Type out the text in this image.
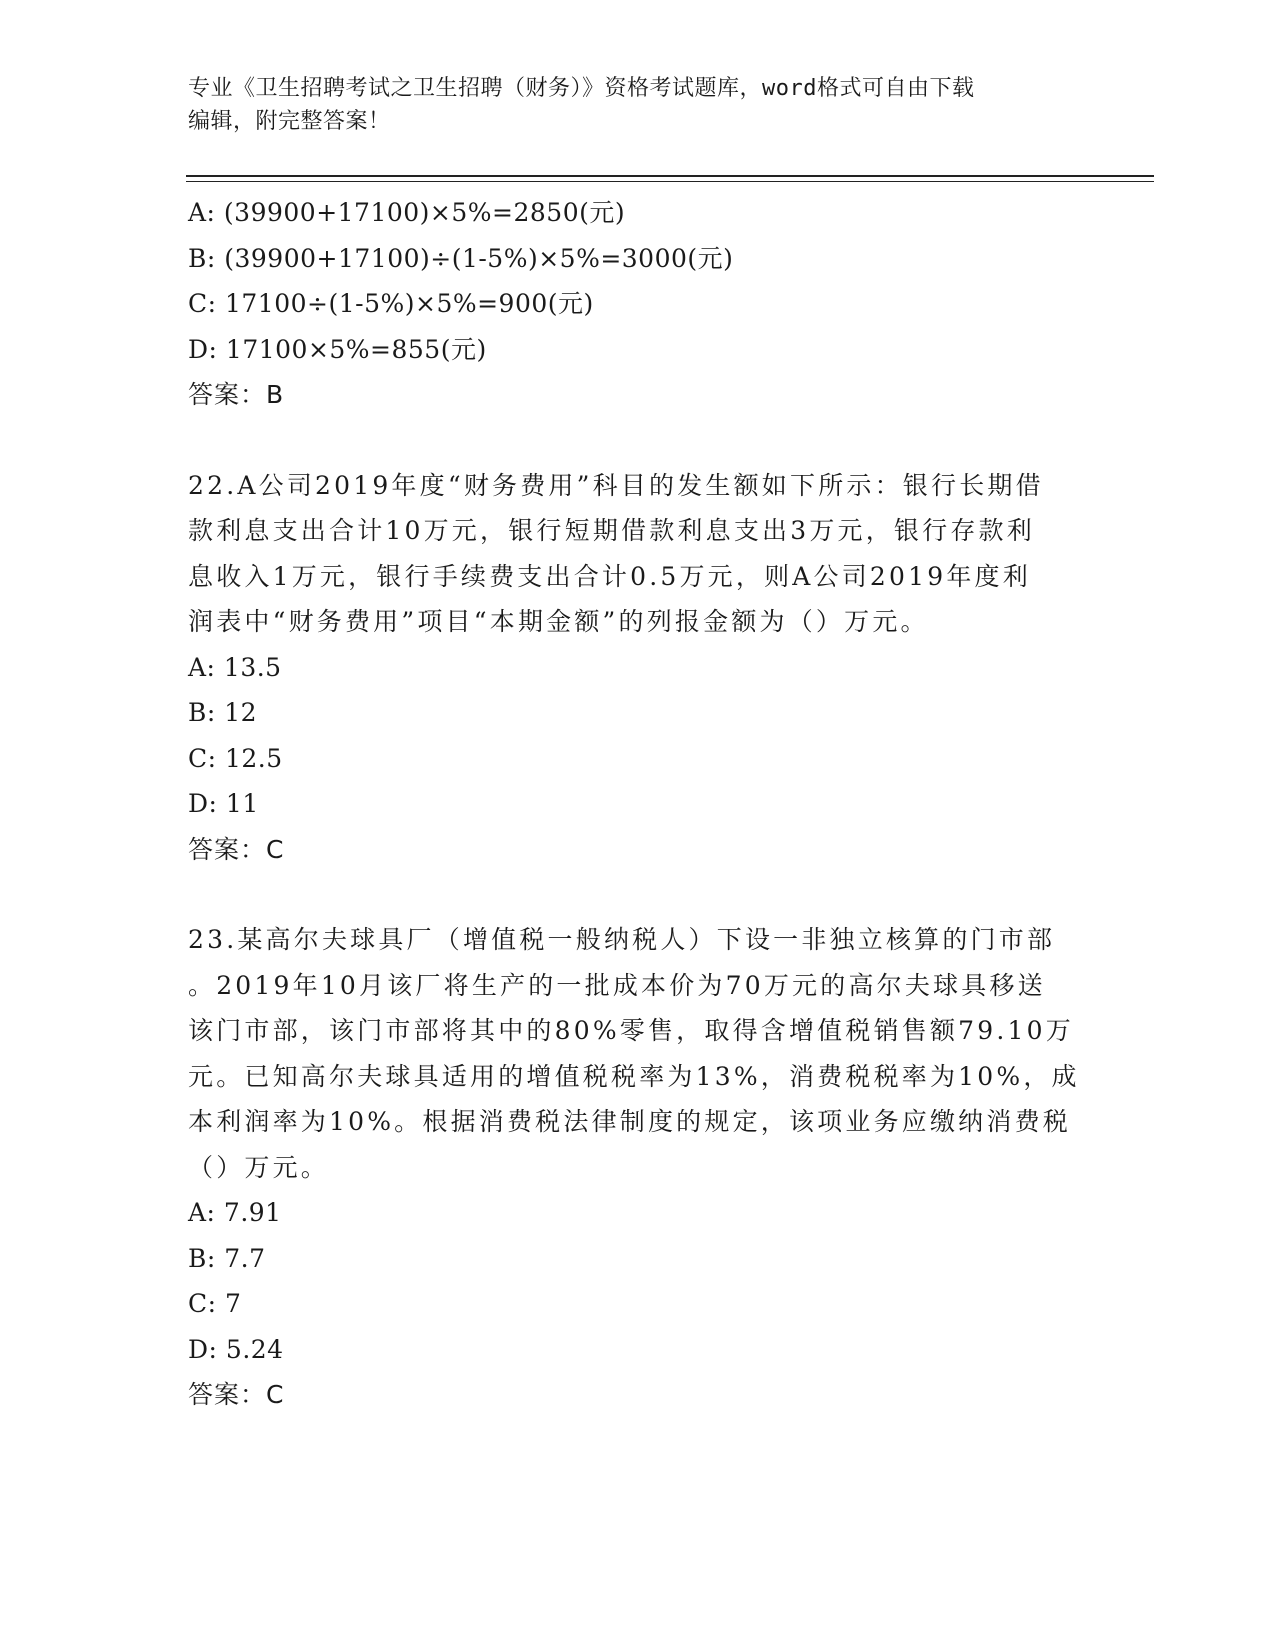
专业《卫生招聘考试之卫生招聘（财务）》资格考试题库，word格式可自由下载
编辑，附完整答案！
A: (39900+17100)×5%=2850(元)
B: (39900+17100)÷(1-5%)×5%=3000(元)
C: 17100÷(1-5%)×5%=900(元)
D: 17100×5%=855(元)
答案：B
22.A公司2019年度“财务费用”科目的发生额如下所示：银行长期借
款利息支出合计10万元，银行短期借款利息支出3万元，银行存款利
息收入1万元，银行手续费支出合计0.5万元，则A公司2019年度利
润表中“财务费用”项目“本期金额”的列报金额为（）万元。
A: 13.5
B: 12
C: 12.5
D: 11
答案：C
23.某高尔夫球具厂（增值税一般纳税人）下设一非独立核算的门市部
。2019年10月该厂将生产的一批成本价为70万元的高尔夫球具移送
该门市部，该门市部将其中的80%零售，取得含增值税销售额79.10万
元。已知高尔夫球具适用的增值税税率为13%，消费税税率为10%，成
本利润率为10%。根据消费税法律制度的规定，该项业务应缴纳消费税
（）万元。
A: 7.91
B: 7.7
C: 7
D: 5.24
答案：C
